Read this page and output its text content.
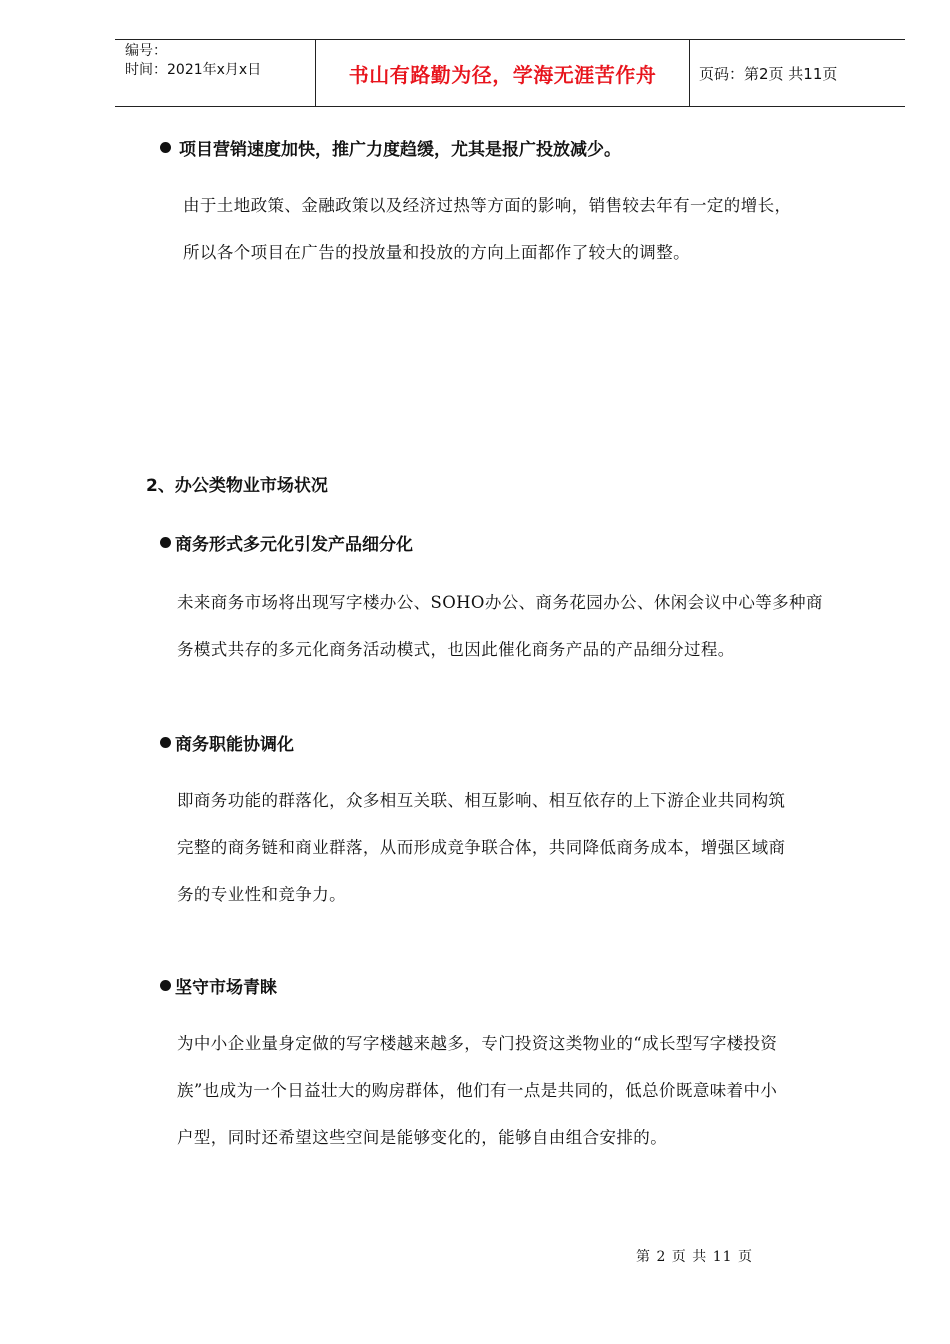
编号：
时间：2021年x月x日	书山有路勤为径，学海无涯苦作舟	页码：第2页 共11页
项目营销速度加快，推广力度趋缓，尤其是报广投放减少。
由于土地政策、金融政策以及经济过热等方面的影响，销售较去年有一定的增长，
所以各个项目在广告的投放量和投放的方向上面都作了较大的调整。
2、办公类物业市场状况
商务形式多元化引发产品细分化
未来商务市场将出现写字楼办公、SOHO办公、商务花园办公、休闲会议中心等多种商
务模式共存的多元化商务活动模式，也因此催化商务产品的产品细分过程。
商务职能协调化
即商务功能的群落化，众多相互关联、相互影响、相互依存的上下游企业共同构筑
完整的商务链和商业群落，从而形成竞争联合体，共同降低商务成本，增强区域商
务的专业性和竞争力。
坚守市场青睐
为中小企业量身定做的写字楼越来越多，专门投资这类物业的“成长型写字楼投资
族”也成为一个日益壮大的购房群体，他们有一点是共同的，低总价既意味着中小
户型，同时还希望这些空间是能够变化的，能够自由组合安排的。
第 2 页 共 11 页
